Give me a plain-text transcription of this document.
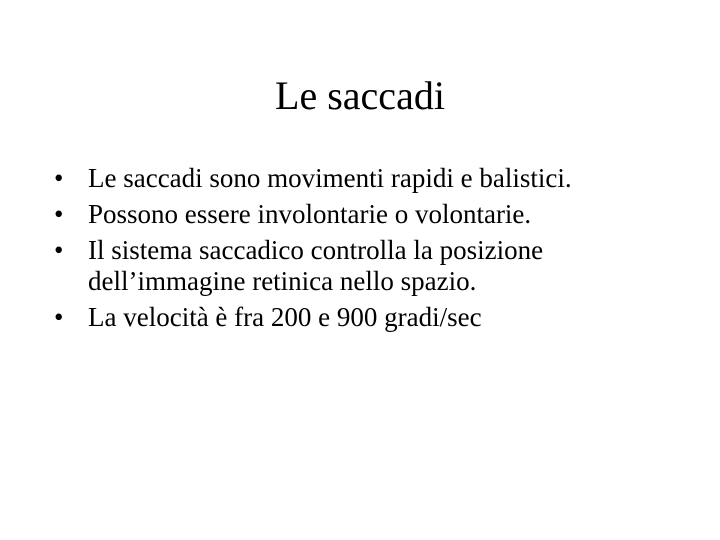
Le saccadi
• Le saccadi sono movimenti rapidi e balistici.
• Possono essere involontarie o volontarie.
• Il sistema saccadico controlla la posizione
dell’immagine retinica nello spazio.
• La velocità è fra 200 e 900 gradi/sec
